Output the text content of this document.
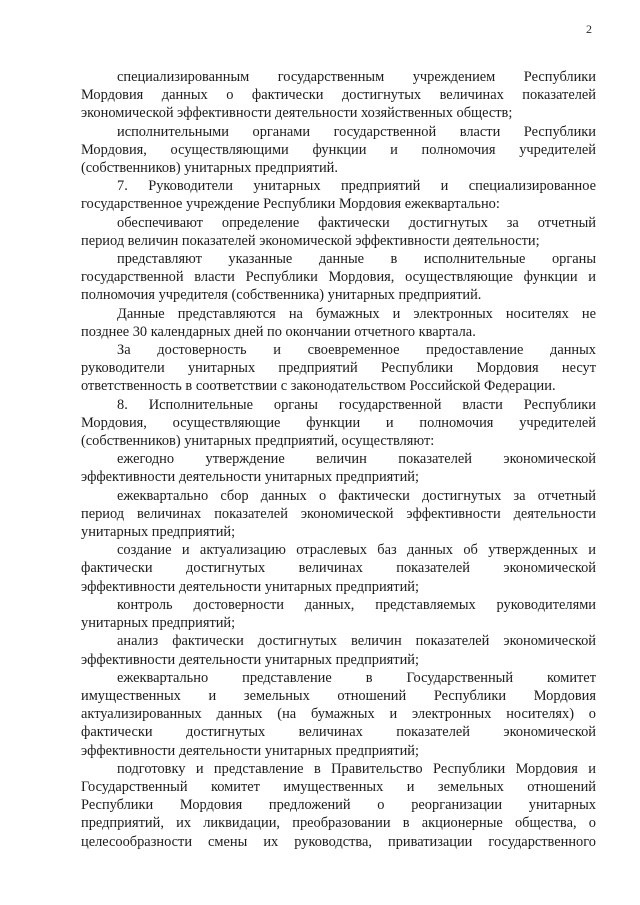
2

специализированным государственным учреждением Республики

Мордовия данных о фактически достигнутых величинах показателей

экономической эффективности деятельности хозяйственных обществ;

исполнительными органами государственной власти Республики

Мордовия, осуществляющими функции и полномочия учредителей

(собственников) унитарных предприятий.

7. Руководители унитарных предприятий и специализированное

государственное учреждение Республики Мордовия ежеквартально:

обеспечивают определение фактически достигнутых за отчетный

период величин показателей экономической эффективности деятельности;

представляют указанные данные в исполнительные органы

государственной власти Республики Мордовия, осуществляющие функции и

полномочия учредителя (собственника) унитарных предприятий.

Данные представляются на бумажных и электронных носителях не

позднее 30 календарных дней по окончании отчетного квартала.

За достоверность и своевременное предоставление данных

руководители унитарных предприятий Республики Мордовия несут

ответственность в соответствии с законодательством Российской Федерации.

8. Исполнительные органы государственной власти Республики

Мордовия, осуществляющие функции и полномочия учредителей

(собственников) унитарных предприятий, осуществляют:

ежегодно утверждение величин показателей экономической

эффективности деятельности унитарных предприятий;

ежеквартально сбор данных о фактически достигнутых за отчетный

период величинах показателей экономической эффективности деятельности

унитарных предприятий;

создание и актуализацию отраслевых баз данных об утвержденных и

фактически достигнутых величинах показателей экономической

эффективности деятельности унитарных предприятий;

контроль достоверности данных, представляемых руководителями

унитарных предприятий;

анализ фактически достигнутых величин показателей экономической

эффективности деятельности унитарных предприятий;

ежеквартально представление в Государственный комитет

имущественных и земельных отношений Республики Мордовия

актуализированных данных (на бумажных и электронных носителях) о

фактически достигнутых величинах показателей экономической

эффективности деятельности унитарных предприятий;

подготовку и представление в Правительство Республики Мордовия и

Государственный комитет имущественных и земельных отношений

Республики Мордовия предложений о реорганизации унитарных

предприятий, их ликвидации, преобразовании в акционерные общества, о

целесообразности смены их руководства, приватизации государственного
